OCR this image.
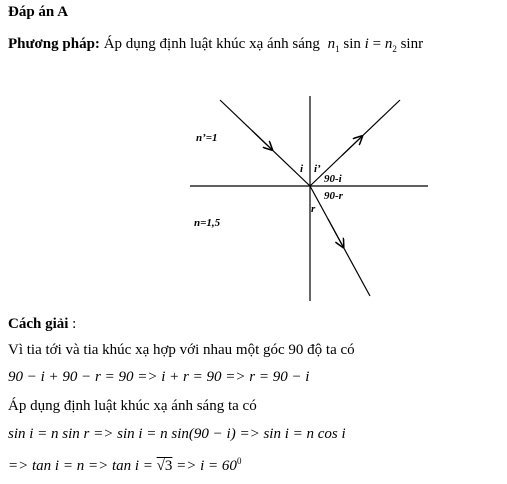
Đáp án A
Phương pháp: Áp dụng định luật khúc xạ ánh sáng $n_1$ $\sin i = n_2$ sinr
n’=1
n=1,5
i i’
90-i
90-r
r
Cách giải :
Vì tia tới và tia khúc xạ hợp với nhau một góc 90 độ ta có
90 − i + 90 − r = 90 => i + r = 90 => r = 90 − i
Áp dụng định luật khúc xạ ánh sáng ta có
sin i = n sin r => sin i = n sin(90 − i) => sin i = n cos i
=> $\tan i = n => \tan i = √3 => i = 60^0$
